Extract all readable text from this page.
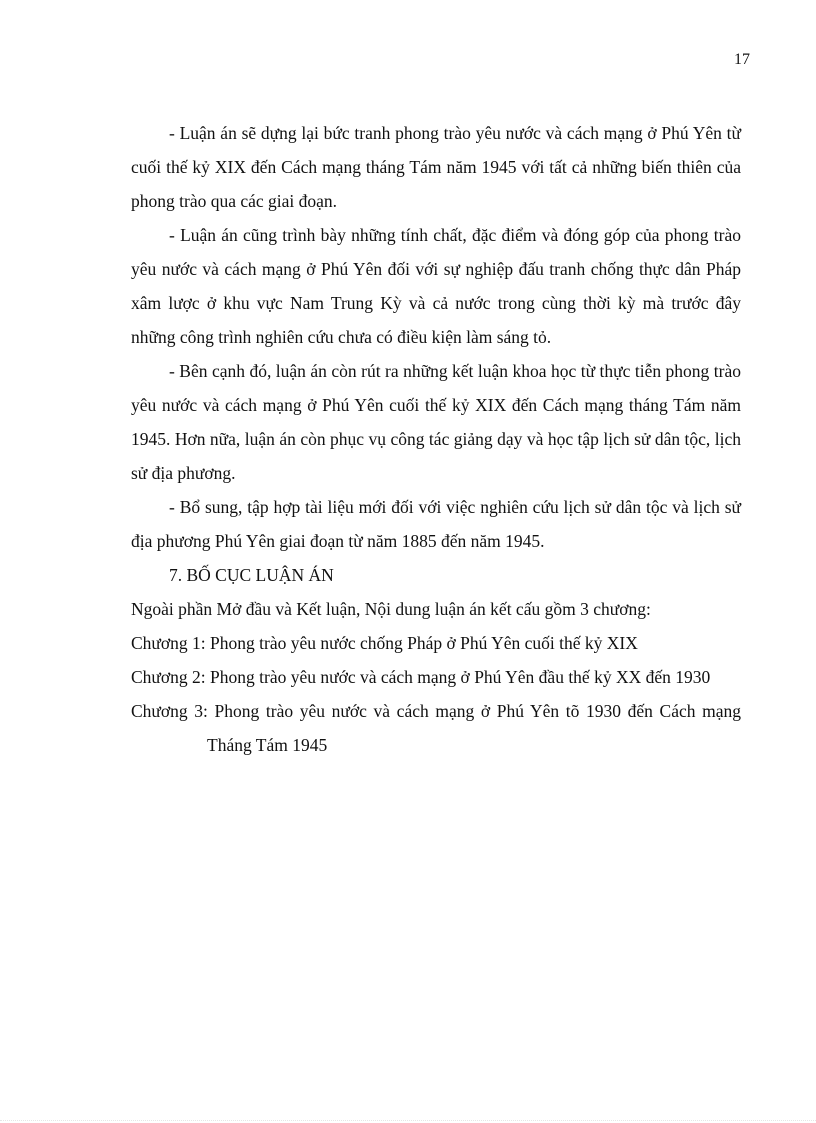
17

- Luận án sẽ dựng lại bức tranh phong trào yêu nước và cách mạng ở Phú Yên từ cuối thế kỷ XIX đến Cách mạng tháng Tám năm 1945 với tất cả những biến thiên của phong trào qua các giai đoạn.

- Luận án cũng trình bày những tính chất, đặc điểm và đóng góp của phong trào yêu nước và cách mạng ở Phú Yên đối với sự nghiệp đấu tranh chống thực dân Pháp xâm lược ở khu vực Nam Trung Kỳ và cả nước trong cùng thời kỳ mà trước đây những công trình nghiên cứu chưa có điều kiện làm sáng tỏ.

- Bên cạnh đó, luận án còn rút ra những kết luận khoa học từ thực tiễn phong trào yêu nước và cách mạng ở Phú Yên cuối thế kỷ XIX đến Cách mạng tháng Tám năm 1945. Hơn nữa, luận án còn phục vụ công tác giảng dạy và học tập lịch sử dân tộc, lịch sử địa phương.

- Bổ sung, tập hợp tài liệu mới đối với việc nghiên cứu lịch sử dân tộc và lịch sử địa phương Phú Yên giai đoạn từ năm 1885 đến năm 1945.

7. BỐ CỤC LUẬN ÁN

Ngoài phần Mở đầu và Kết luận, Nội dung luận án kết cấu gồm 3 chương:

Chương 1: Phong trào yêu nước chống Pháp ở Phú Yên cuối thế kỷ XIX

Chương 2: Phong trào yêu nước và cách mạng ở Phú Yên đầu thế kỷ XX đến 1930

Chương 3: Phong trào yêu nước và cách mạng ở Phú Yên tõ 1930 đến Cách mạng Tháng Tám 1945
